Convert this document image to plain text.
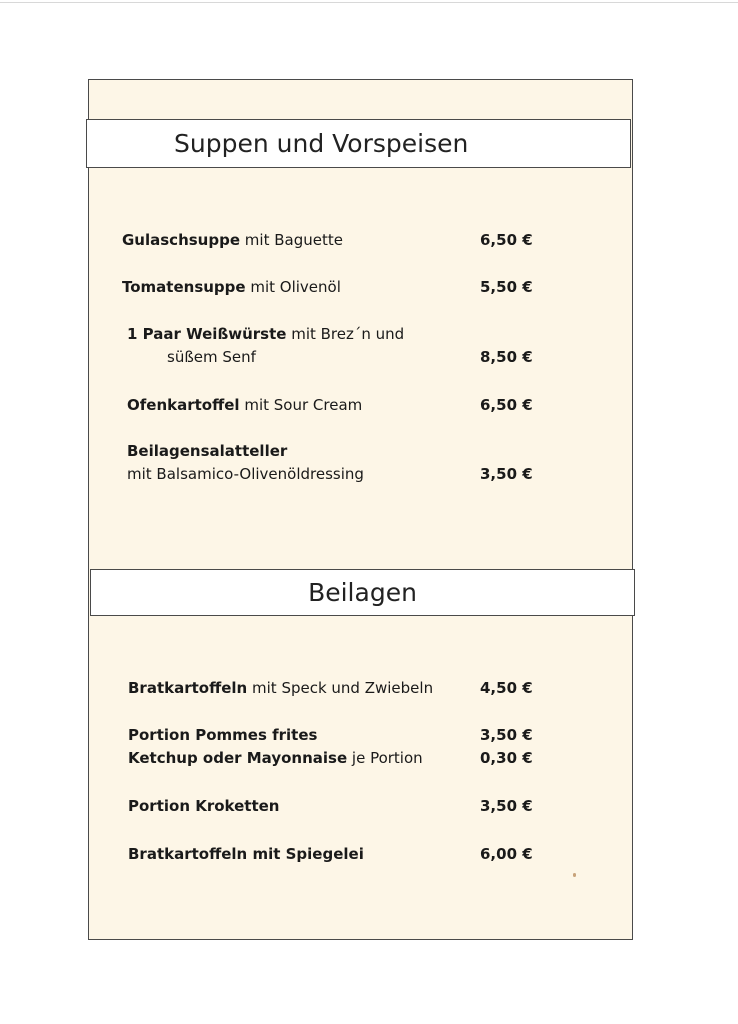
Suppen und Vorspeisen
Gulaschsuppe mit Baguette	6,50 €
Tomatensuppe mit Olivenöl	5,50 €
1 Paar Weißwürste mit Brez´n und
süßem Senf	8,50 €
Ofenkartoffel mit Sour Cream	6,50 €
Beilagensalatteller
mit Balsamico-Olivenöldressing	3,50 €
Beilagen
Bratkartoffeln mit Speck und Zwiebeln	4,50 €
Portion Pommes frites	3,50 €
Ketchup oder Mayonnaise je Portion	0,30 €
Portion Kroketten	3,50 €
Bratkartoffeln mit Spiegelei	6,00 €
